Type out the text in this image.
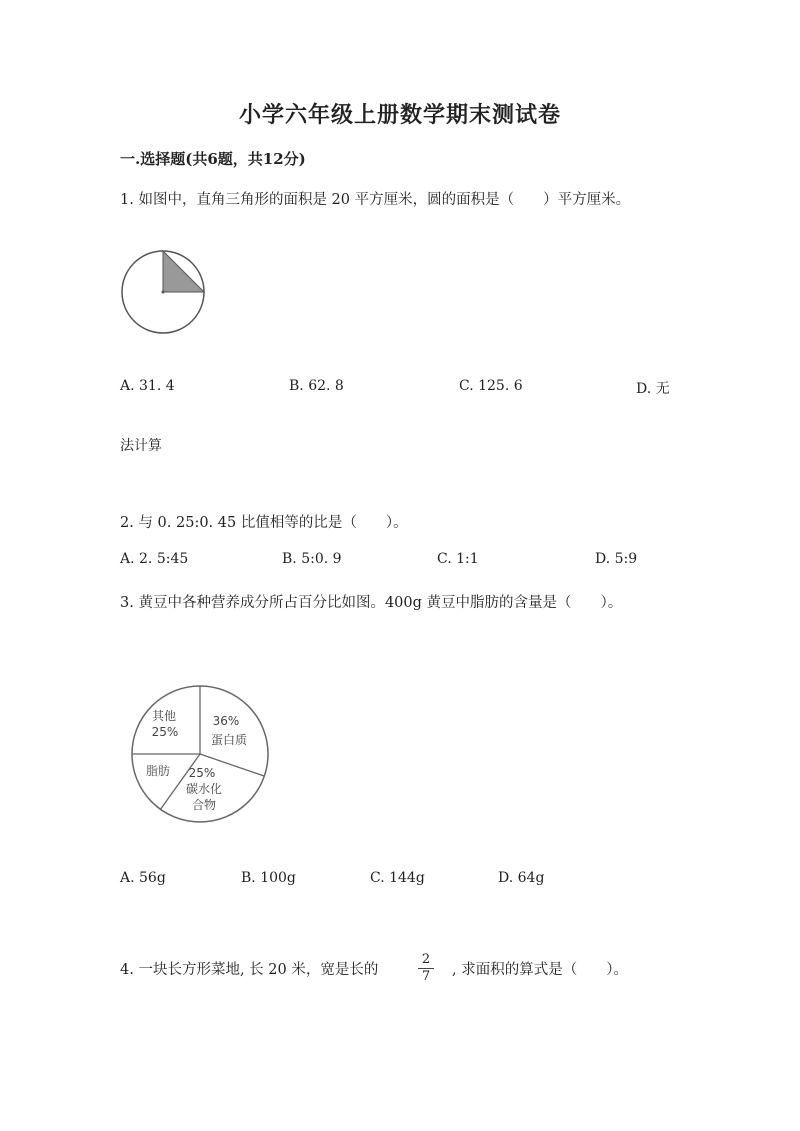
小学六年级上册数学期末测试卷
一.选择题(共6题，共12分)
1. 如图中，直角三角形的面积是 20 平方厘米，圆的面积是（　　）平方厘米。
A. 31. 4	B. 62. 8	C. 125. 6	D. 无
法计算
2. 与 0. 25:0. 45 比值相等的比是（　　）。
A. 2. 5:45	B. 5:0. 9	C. 1:1	D. 5:9
3. 黄豆中各种营养成分所占百分比如图。400g 黄豆中脂肪的含量是（　　）。
其他
25%
36%
蛋白质
脂肪 25%
碳水化
合物
A. 56g	B. 100g	C. 144g	D. 64g
4. 一块长方形菜地, 长 20 米，宽是长的	$\frac{2}{7}$ , 求面积的算式是（　　）。
